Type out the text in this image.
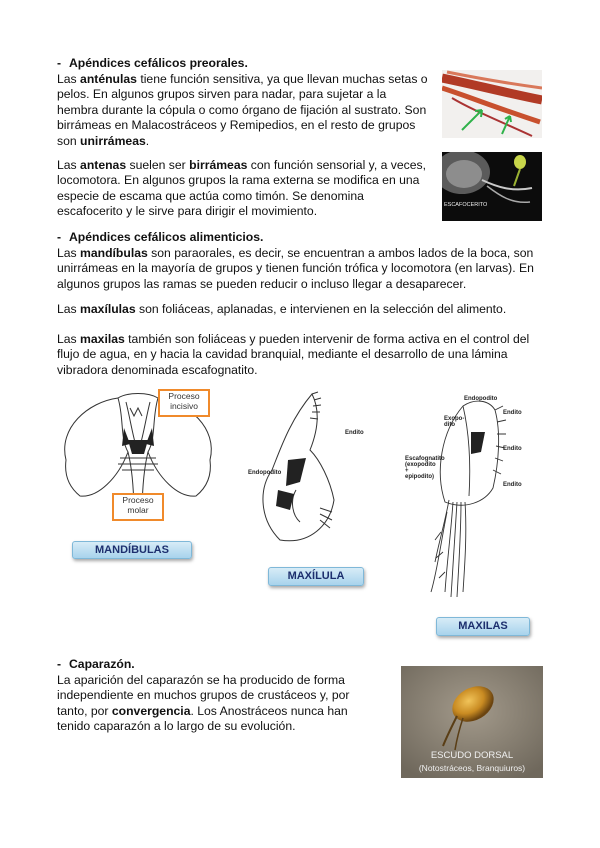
- Apéndices cefálicos preorales.

Las anténulas tiene función sensitiva, ya que llevan muchas setas o pelos. En algunos grupos sirven para nadar, para sujetar a la hembra durante la cópula o como órgano de fijación al sustrato. Son birrámeas en Malacostráceos y Remipedios, en el resto de grupos son unirrámeas.

Las antenas suelen ser birrámeas con función sensorial y, a veces, locomotora. En algunos grupos la rama externa se modifica en una especie de escama que actúa como timón. Se denomina escafocerito y le sirve para dirigir el movimiento.	ESCAFOCERITO
- Apéndices cefálicos alimenticios.

Las mandíbulas son paraorales, es decir, se encuentran a ambos lados de la boca, son unirrámeas en la mayoría de grupos y tienen función trófica y locomotora (en larvas). En algunos grupos las ramas se pueden reducir o incluso llegar a desaparecer.

Las maxílulas son foliáceas, aplanadas, e intervienen en la selección del alimento.

Las maxilas también son foliáceas y pueden intervenir de forma activa en el control del flujo de agua, en y hacia la cavidad branquial, mediante el desarrollo de una lámina vibradora denominada escafognatito.

Proceso
incisivo
Proceso
molar
MANDÍBULAS
Endito
Endopodito
MAXÍLULA
Endopodito
Exopo-dito
Endito
Endito
Endito
Escafognatito (exopodito + epipodito)
MAXILAS
- Caparazón.

La aparición del caparazón se ha producido de forma independiente en muchos grupos de crustáceos y, por tanto, por convergencia. Los Anostráceos nunca han tenido caparazón a lo largo de su evolución.

ESCUDO DORSAL
(Notostráceos, Branquiuros)
